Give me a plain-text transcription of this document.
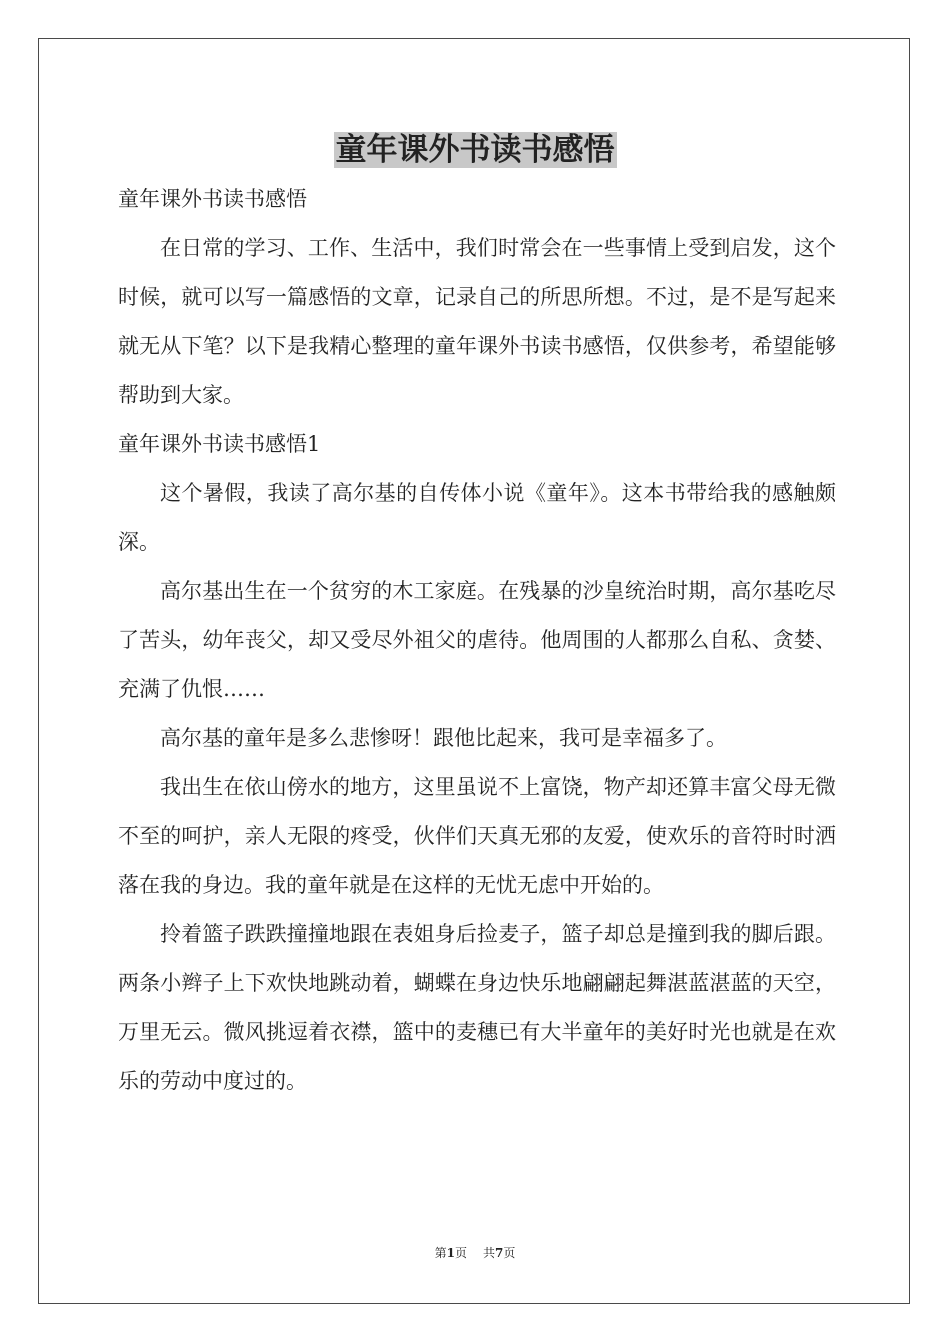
童年课外书读书感悟

童年课外书读书感悟

在日常的学习、工作、生活中，我们时常会在一些事情上受到启发，这个时候，就可以写一篇感悟的文章，记录自己的所思所想。不过，是不是写起来就无从下笔？以下是我精心整理的童年课外书读书感悟，仅供参考，希望能够帮助到大家。

童年课外书读书感悟1

这个暑假，我读了高尔基的自传体小说《童年》。这本书带给我的感触颇深。

高尔基出生在一个贫穷的木工家庭。在残暴的沙皇统治时期，高尔基吃尽了苦头，幼年丧父，却又受尽外祖父的虐待。他周围的人都那么自私、贪婪、充满了仇恨……

高尔基的童年是多么悲惨呀！跟他比起来，我可是幸福多了。

我出生在依山傍水的地方，这里虽说不上富饶，物产却还算丰富父母无微不至的呵护，亲人无限的疼受，伙伴们天真无邪的友爱，使欢乐的音符时时洒落在我的身边。我的童年就是在这样的无忧无虑中开始的。

拎着篮子跌跌撞撞地跟在表姐身后捡麦子，篮子却总是撞到我的脚后跟。两条小辫子上下欢快地跳动着，蝴蝶在身边快乐地翩翩起舞湛蓝湛蓝的天空，万里无云。微风挑逗着衣襟，篮中的麦穗已有大半童年的美好时光也就是在欢乐的劳动中度过的。

第1页 共7页
